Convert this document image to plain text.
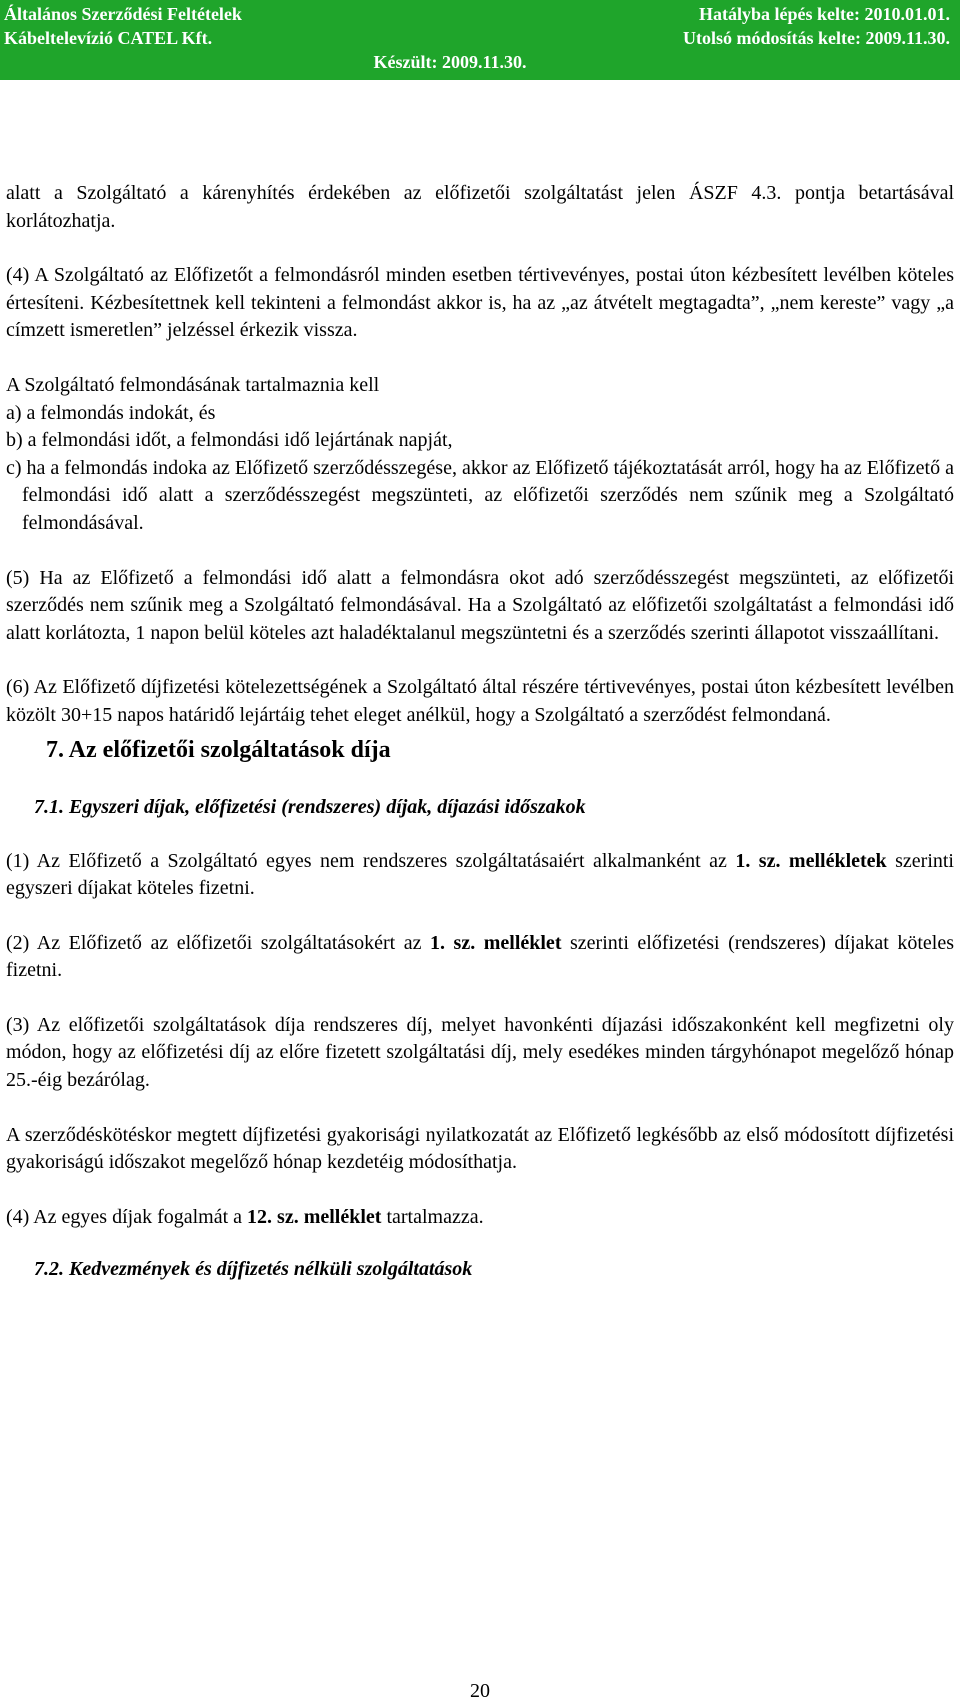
Általános Szerződési Feltételek
Kábeltelevízió CATEL Kft.
Hatályba lépés kelte: 2010.01.01.
Utolsó módosítás kelte: 2009.11.30.
Készült: 2009.11.30.

alatt a Szolgáltató a kárenyhítés érdekében az előfizetői szolgáltatást jelen ÁSZF 4.3. pontja betartásával korlátozhatja.

(4) A Szolgáltató az Előfizetőt a felmondásról minden esetben tértivevényes, postai úton kézbesített levélben köteles értesíteni. Kézbesítettnek kell tekinteni a felmondást akkor is, ha az „az átvételt megtagadta”, „nem kereste” vagy „a címzett ismeretlen” jelzéssel érkezik vissza.

A Szolgáltató felmondásának tartalmaznia kell

a) a felmondás indokát, és

b) a felmondási időt, a felmondási idő lejártának napját,

c) ha a felmondás indoka az Előfizető szerződésszegése, akkor az Előfizető tájékoztatását arról, hogy ha az Előfizető a felmondási idő alatt a szerződésszegést megszünteti, az előfizetői szerződés nem szűnik meg a Szolgáltató felmondásával.

(5) Ha az Előfizető a felmondási idő alatt a felmondásra okot adó szerződésszegést megszünteti, az előfizetői szerződés nem szűnik meg a Szolgáltató felmondásával. Ha a Szolgáltató az előfizetői szolgáltatást a felmondási idő alatt korlátozta, 1 napon belül köteles azt haladéktalanul megszüntetni és a szerződés szerinti állapotot visszaállítani.

(6) Az Előfizető díjfizetési kötelezettségének a Szolgáltató által részére tértivevényes, postai úton kézbesített levélben közölt 30+15 napos határidő lejártáig tehet eleget anélkül, hogy a Szolgáltató a szerződést felmondaná.

7. Az előfizetői szolgáltatások díja
7.1. Egyszeri díjak, előfizetési (rendszeres) díjak, díjazási időszakok

(1) Az Előfizető a Szolgáltató egyes nem rendszeres szolgáltatásaiért alkalmanként az 1. sz. mellékletek szerinti egyszeri díjakat köteles fizetni.

(2) Az Előfizető az előfizetői szolgáltatásokért az 1. sz. melléklet szerinti előfizetési (rendszeres) díjakat köteles fizetni.

(3) Az előfizetői szolgáltatások díja rendszeres díj, melyet havonkénti díjazási időszakonként kell megfizetni oly módon, hogy az előfizetési díj az előre fizetett szolgáltatási díj, mely esedékes minden tárgyhónapot megelőző hónap 25.-éig bezárólag.

A szerződéskötéskor megtett díjfizetési gyakorisági nyilatkozatát az Előfizető legkésőbb az első módosított díjfizetési gyakoriságú időszakot megelőző hónap kezdetéig módosíthatja.

(4) Az egyes díjak fogalmát a 12. sz. melléklet tartalmazza.

7.2. Kedvezmények és díjfizetés nélküli szolgáltatások
20
